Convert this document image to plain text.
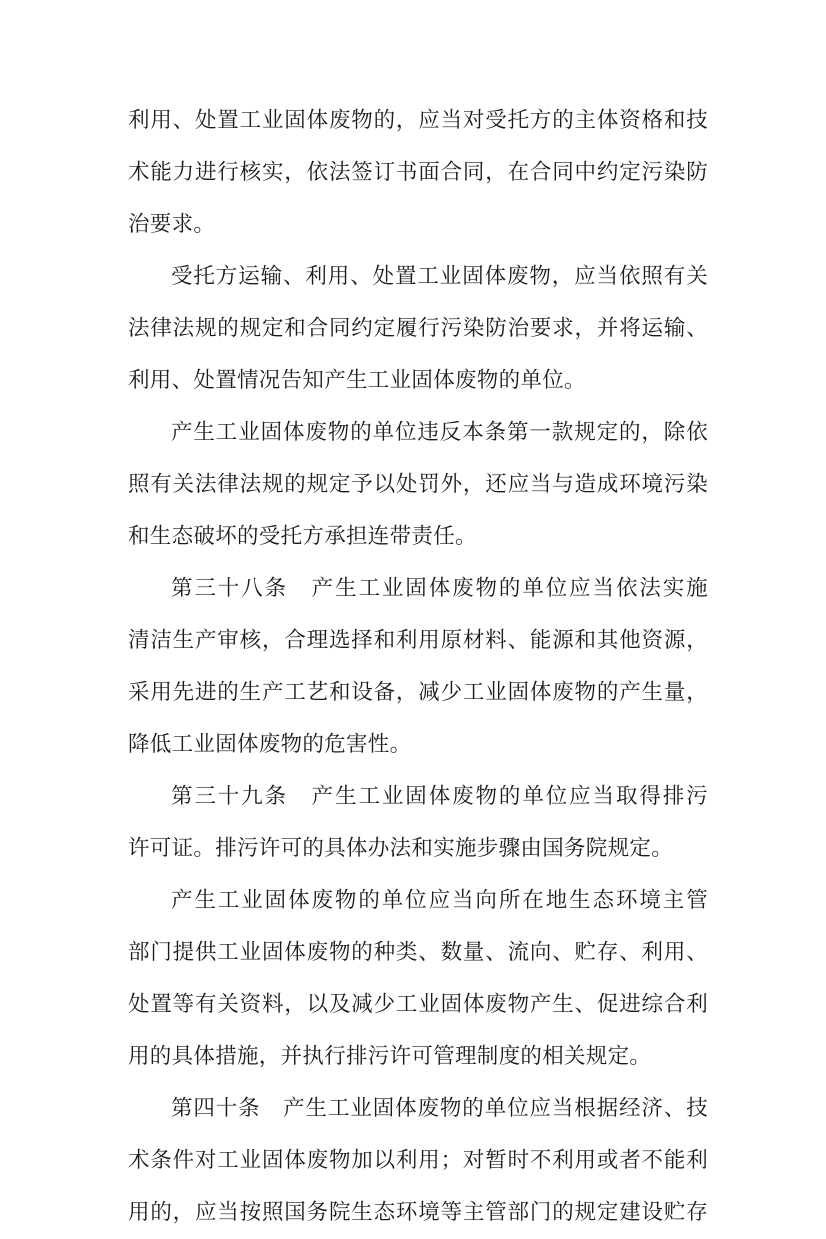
利用、处置工业固体废物的，应当对受托方的主体资格和技
术能力进行核实，依法签订书面合同，在合同中约定污染防
治要求。
受托方运输、利用、处置工业固体废物，应当依照有关
法律法规的规定和合同约定履行污染防治要求，并将运输、
利用、处置情况告知产生工业固体废物的单位。
产生工业固体废物的单位违反本条第一款规定的，除依
照有关法律法规的规定予以处罚外，还应当与造成环境污染
和生态破坏的受托方承担连带责任。
第三十八条 产生工业固体废物的单位应当依法实施
清洁生产审核，合理选择和利用原材料、能源和其他资源，
采用先进的生产工艺和设备，减少工业固体废物的产生量，
降低工业固体废物的危害性。
第三十九条 产生工业固体废物的单位应当取得排污
许可证。排污许可的具体办法和实施步骤由国务院规定。
产生工业固体废物的单位应当向所在地生态环境主管
部门提供工业固体废物的种类、数量、流向、贮存、利用、
处置等有关资料，以及减少工业固体废物产生、促进综合利
用的具体措施，并执行排污许可管理制度的相关规定。
第四十条 产生工业固体废物的单位应当根据经济、技
术条件对工业固体废物加以利用；对暂时不利用或者不能利
用的，应当按照国务院生态环境等主管部门的规定建设贮存
